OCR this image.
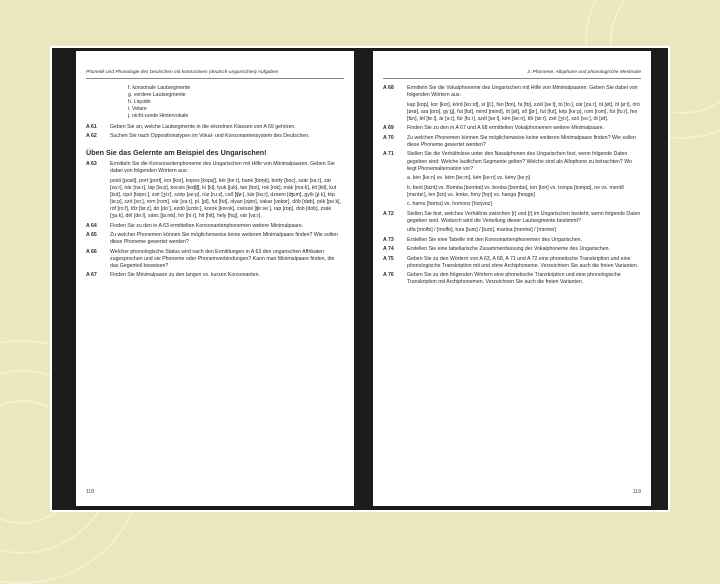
Phonetik und Phonologie des Deutschen mit kontrastiven (deutsch-ungarischen) Aufgaben
f. konsonale Lautsegmente
g. vordere Lautsegmente
h. Liquide
i. Velare
j. nicht-runde Hintervokale
A 61	Geben Sie an, welche Lautsegmente in die einzelnen Klassen von A 69 gehören.
A 62	Suchen Sie nach Oppositionstypen im Vokal- und Konsonantensystem des Deutschen.
Üben Sie das Gelernte am Beispiel des Ungarischen!
A 63	Ermitteln Sie die Konsonantenphoneme des Ungarischen mit Hilfe von Minimalpaaren. Geben Sie dabei von folgenden Wörtern aus:
posti [posti], port [port], kor [kor], kopes [kopɛʃ], kér [keːr], bank [bɒŋk], botty [boc], szár [saːr], zár [zaːr], nár [naːr], láp [laːp], kocsis [koʧiʃ], kí [ki], lyuk [juk], tan [tɒn], rok [rok], mák [maːk], kit [kit], kut [kut], cipó [tsipoː], zsir [ʒiːr], szép [seːp], rúz [ruːz], cső [ʧøː], kár [kaːr], dzsem [ʤɛm], gyík [ɟiːk], tép [teːp], szó [soː], rom [rom], vár [vaːr], pl. [pl], fut [fut], olyan [ojɒn], vakar [vɒkɒr], döb [døb], pék [peːk], róf [roːf], tőz [tøːz], dó [doː], ezdó [ɛzdoː], korok [korok], csészé [ʧeːseː], rap [rɒp], dob [dob], zsák [ʒaːk], dél [deːl], sánc [ʃaːnʦ], hír [hiːr], hit [hit], hely [hɛj], vár [vaːr].
A 64	Finden Sie zu den in A 63 ermittelten Konsonantenphonemen weitere Minimalpaare.
A 65	Zu welcher Phonemen können Sie möglicherweise keine weiteren Minimalpaare finden? Wie sollen diese Phoneme gewertet werden?
A 66	Welcher phonologische Status wird nach den Ermittlungen in A 63 den ungarischen Affrikaten zugesprochen und sie Phoneme oder Phonemverbindungen? Kann man Minimalpaare finden, die das Gegenteil beweisen?
A 67	Finden Sie Minimalpaare zu den langen vs. kurzen Konsonanten.
118
3. Phoneme, Allophone und phonologische Merkmale
A 68	Ermitteln Sie die Vokalphoneme des Ungarischen mit Hilfe von Minimalpaaren. Geben Sie dabei von folgenden Wörtern aus:
kap [kɒp], kor [kor], kórd [koːrd], sí [ʃiː], fan [fɒn], fa [fɒ], szél [seːl], tó [toː], zár [zaːr], öt [øt], öt [øːt], örö [ørø], ara [ɒrɒ], gy [ɟ], fut [fut], mind [mind], öt [øt], ső [ʃøː], fut [fut], kép [keːp], rom [rom], fúr [fuːr], fen [fɛn], tél [teːl], ár [aːr], fúr [fuːr], szél [seːl], kén [keːn], tőr [tøːr], zsír [ʒiːr], szó [soː], öt [øt].
A 69	Finden Sie zu den in A 67 und A 68 ermittelten Vokalphonemen weitere Minimalpaare.
A 70	Zu welchen Phonemen können Sie möglicherweise keine weiteren Minimalpaare finden? Wie sollen diese Phoneme gewertet werden?
A 71	Stellen Sie die Verhältnisse unter den Nasalphonen des Ungarischen fest, wenn folgende Daten gegeben sind: Welche lautlichen Segmente gelten? Welche sind als Allophone zu betrachten? Wo liegt Phonemalternation vor?
a. kén [keːn] vs. kém [keːm], kén [keːn] vs. kény [keːɲ]
b. bent [bɛnt] vs. Bomba [bombɒ] vs. bonba [bombɒ], ton [ton] vs. tompa [tompɒ], ne vs. mentő [mɛntøː], len [lɛn] vs. lenke, fony [foɲ] vs. hanga [hɒŋgɒ]
c. hamu [hɒmu] vs. homonz [hoŋvɒz]
A 72	Stellen Sie fest, welches Verhältnis zwischen [r] und [ɾ] im Ungarischen besteht, wenn folgende Daten gegeben sind. Wodurch wird die Verteilung dieser Lautsegmente bestimmt?
utfa [molfɒ] / [molfɒ], tura [turɒ] / [tuɾɒ], marina [mɒrinɒ] / [mɒɾinɒ]
A 73	Erstellen Sie eine Tabelle mit den Konsonantenphonemen des Ungarischen.
A 74	Erstellen Sie eine tabellarische Zusammenfassung der Vokalphoneme des Ungarischen.
A 75	Geben Sie zu den Wörtern von A 63, A 68, A 71 und A 72 eine phonetische Transkription und eine phonologische Transkription mit und ohne Archiphoneme. Verzeichnen Sie auch die freien Varianten.
A 76	Geben Sie zu den folgenden Wörtern eine phonetische Transkription und eine phonologische Transkription mit Archiphonemen. Verzeichnen Sie auch die freien Varianten.
119
